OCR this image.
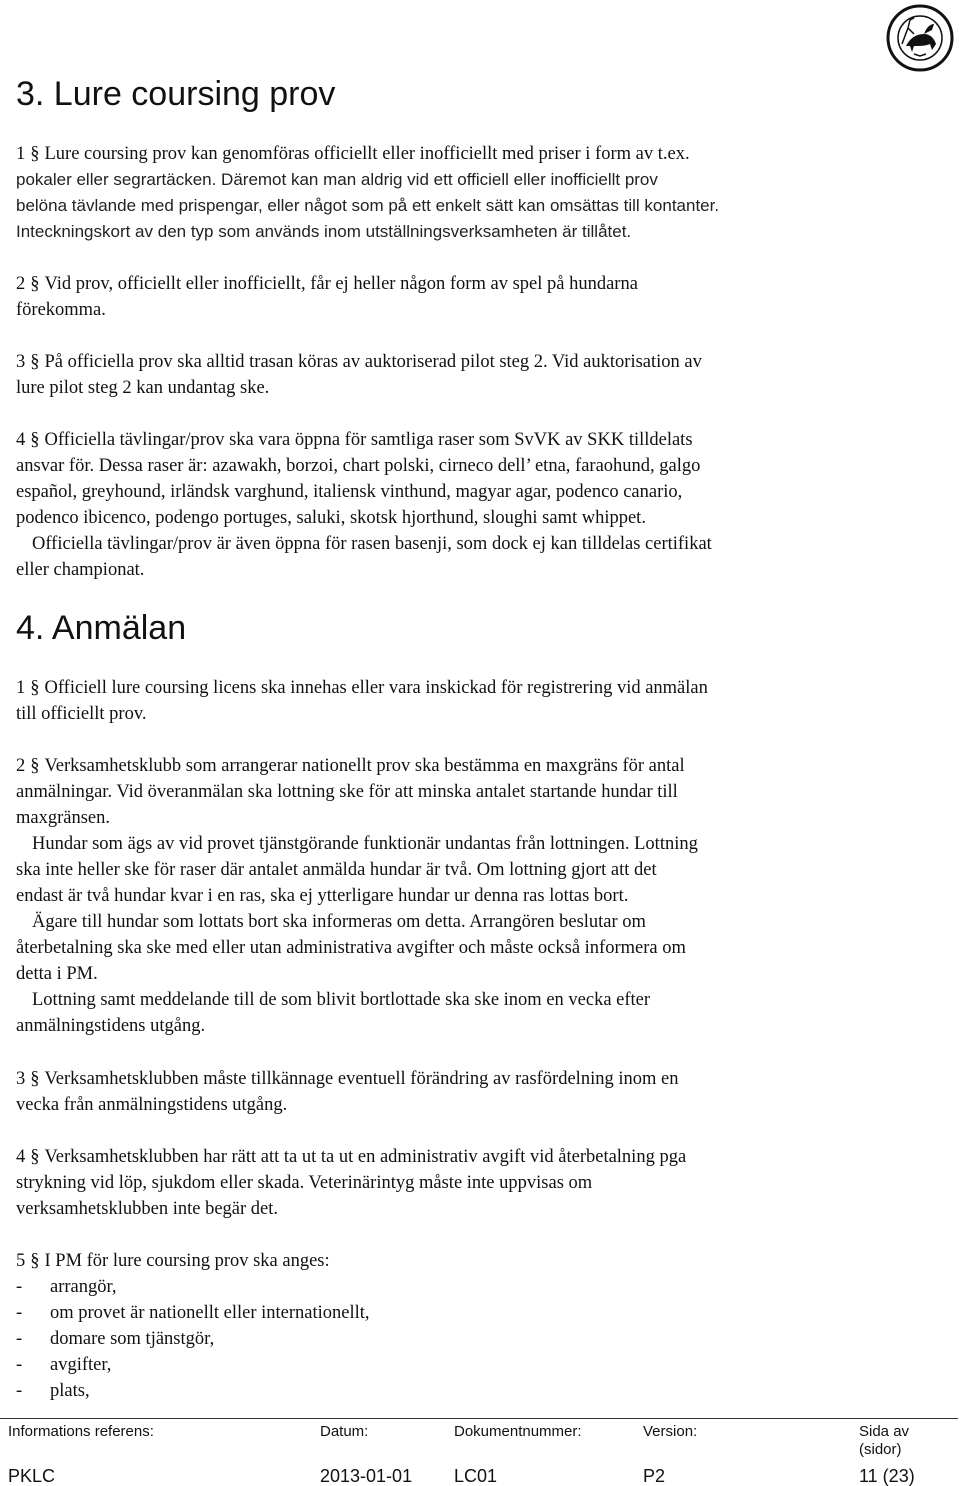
3. Lure coursing prov
1 § Lure coursing prov kan genomföras officiellt eller inofficiellt med priser i form av t.ex.
pokaler eller segrartäcken. Däremot kan man aldrig vid ett officiell eller inofficiellt prov
belöna tävlande med prispengar, eller något som på ett enkelt sätt kan omsättas till kontanter.
Inteckningskort av den typ som används inom utställningsverksamheten är tillåtet.
2 § Vid prov, officiellt eller inofficiellt, får ej heller någon form av spel på hundarna
förekomma.
3 § På officiella prov ska alltid trasan köras av auktoriserad pilot steg 2. Vid auktorisation av
lure pilot steg 2 kan undantag ske.
4 § Officiella tävlingar/prov ska vara öppna för samtliga raser som SvVK av SKK tilldelats
ansvar för. Dessa raser är: azawakh, borzoi, chart polski, cirneco dell’ etna, faraohund, galgo
español, greyhound, irländsk varghund, italiensk vinthund, magyar agar, podenco canario,
podenco ibicenco, podengo portuges, saluki, skotsk hjorthund, sloughi samt whippet.
Officiella tävlingar/prov är även öppna för rasen basenji, som dock ej kan tilldelas certifikat
eller championat.
4. Anmälan
1 § Officiell lure coursing licens ska innehas eller vara inskickad för registrering vid anmälan
till officiellt prov.
2 § Verksamhetsklubb som arrangerar nationellt prov ska bestämma en maxgräns för antal
anmälningar. Vid överanmälan ska lottning ske för att minska antalet startande hundar till
maxgränsen.
Hundar som ägs av vid provet tjänstgörande funktionär undantas från lottningen. Lottning
ska inte heller ske för raser där antalet anmälda hundar är två. Om lottning gjort att det
endast är två hundar kvar i en ras, ska ej ytterligare hundar ur denna ras lottas bort.
Ägare till hundar som lottats bort ska informeras om detta. Arrangören beslutar om
återbetalning ska ske med eller utan administrativa avgifter och måste också informera om
detta i PM.
Lottning samt meddelande till de som blivit bortlottade ska ske inom en vecka efter
anmälningstidens utgång.
3 § Verksamhetsklubben måste tillkännage eventuell förändring av rasfördelning inom en
vecka från anmälningstidens utgång.
4 § Verksamhetsklubben har rätt att ta ut ta ut en administrativ avgift vid återbetalning pga
strykning vid löp, sjukdom eller skada. Veterinärintyg måste inte uppvisas om
verksamhetsklubben inte begär det.
5 § I PM för lure coursing prov ska anges:
- arrangör,
- om provet är nationellt eller internationellt,
- domare som tjänstgör,
- avgifter,
- plats,
Informations referens:	Datum:	Dokumentnummer:	Version:	Sida av
(sidor)
PKLC	2013-01-01 LC01	P2	11 (23)
